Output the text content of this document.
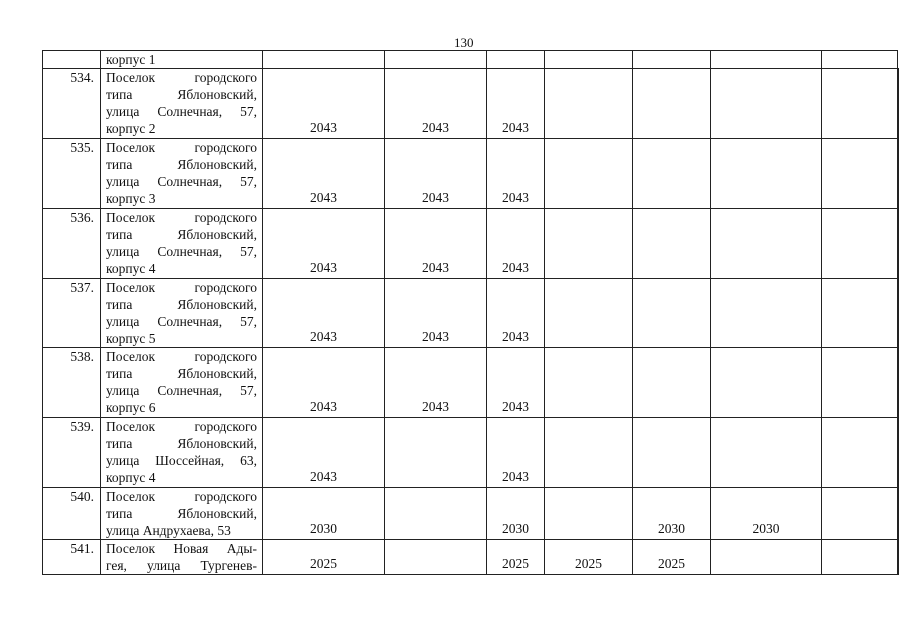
130

	корпус 1								

534.	Поселок городского
типа Яблоновский,
улица Солнечная, 57,
корпус 2	2043	2043	2043					
535.	Поселок городского
типа Яблоновский,
улица Солнечная, 57,
корпус 3	2043	2043	2043					
536.	Поселок городского
типа Яблоновский,
улица Солнечная, 57,
корпус 4	2043	2043	2043					
537.	Поселок городского
типа Яблоновский,
улица Солнечная, 57,
корпус 5	2043	2043	2043					
538.	Поселок городского
типа Яблоновский,
улица Солнечная, 57,
корпус 6	2043	2043	2043					
539.	Поселок городского
типа Яблоновский,
улица Шоссейная, 63,
корпус 4	2043		2043					
540.	Поселок городского
типа Яблоновский,
улица Андрухаева, 53	2030		2030		2030	2030		
541.	Поселок Новая Ады-
гея, улица Тургенев-	2025		2025	2025	2025			
